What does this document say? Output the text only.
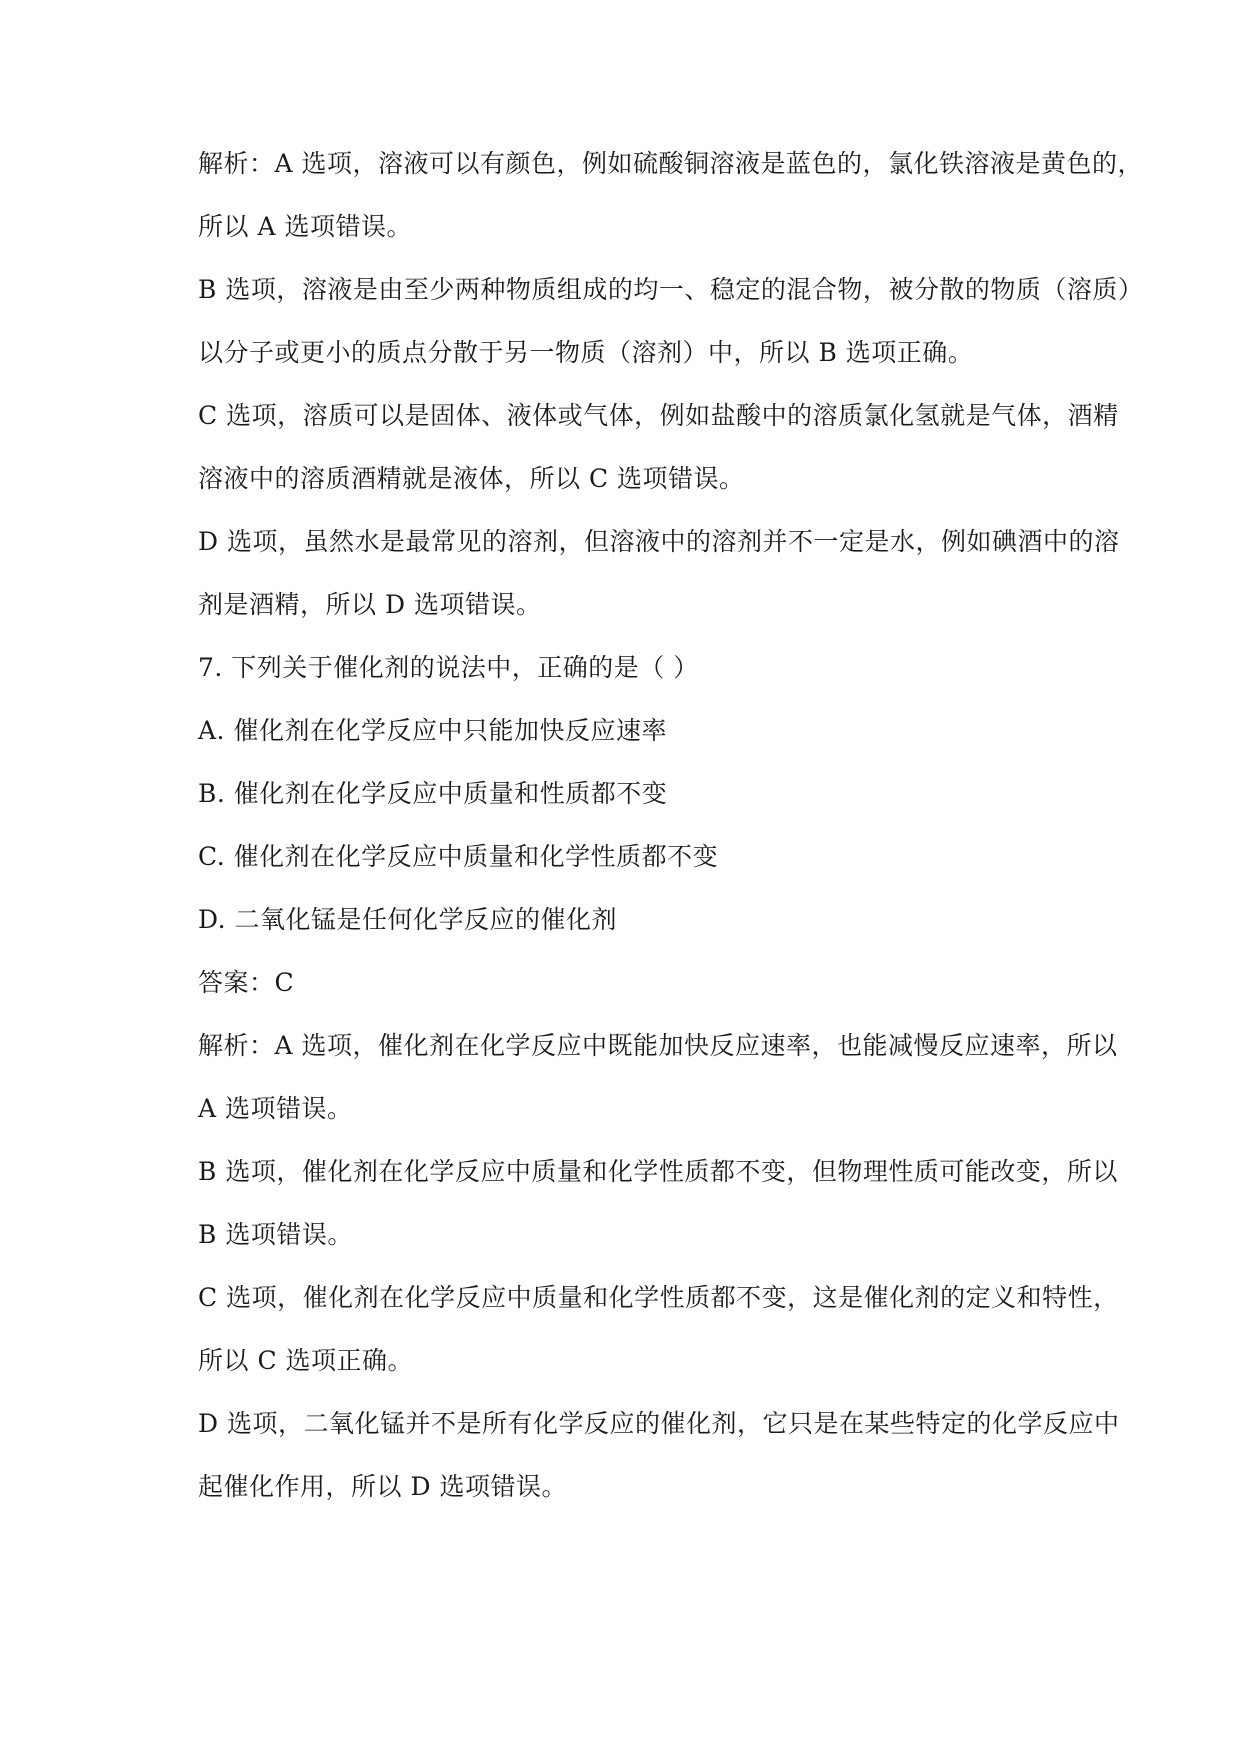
解析：A 选项，溶液可以有颜色，例如硫酸铜溶液是蓝色的，氯化铁溶液是黄色的，
所以 A 选项错误。
B 选项，溶液是由至少两种物质组成的均一、稳定的混合物，被分散的物质（溶质）
以分子或更小的质点分散于另一物质（溶剂）中，所以 B 选项正确。
C 选项，溶质可以是固体、液体或气体，例如盐酸中的溶质氯化氢就是气体，酒精
溶液中的溶质酒精就是液体，所以 C 选项错误。
D 选项，虽然水是最常见的溶剂，但溶液中的溶剂并不一定是水，例如碘酒中的溶
剂是酒精，所以 D 选项错误。
7. 下列关于催化剂的说法中，正确的是（ ）
A. 催化剂在化学反应中只能加快反应速率
B. 催化剂在化学反应中质量和性质都不变
C. 催化剂在化学反应中质量和化学性质都不变
D. 二氧化锰是任何化学反应的催化剂
答案：C
解析：A 选项，催化剂在化学反应中既能加快反应速率，也能减慢反应速率，所以
A 选项错误。
B 选项，催化剂在化学反应中质量和化学性质都不变，但物理性质可能改变，所以
B 选项错误。
C 选项，催化剂在化学反应中质量和化学性质都不变，这是催化剂的定义和特性，
所以 C 选项正确。
D 选项，二氧化锰并不是所有化学反应的催化剂，它只是在某些特定的化学反应中
起催化作用，所以 D 选项错误。
